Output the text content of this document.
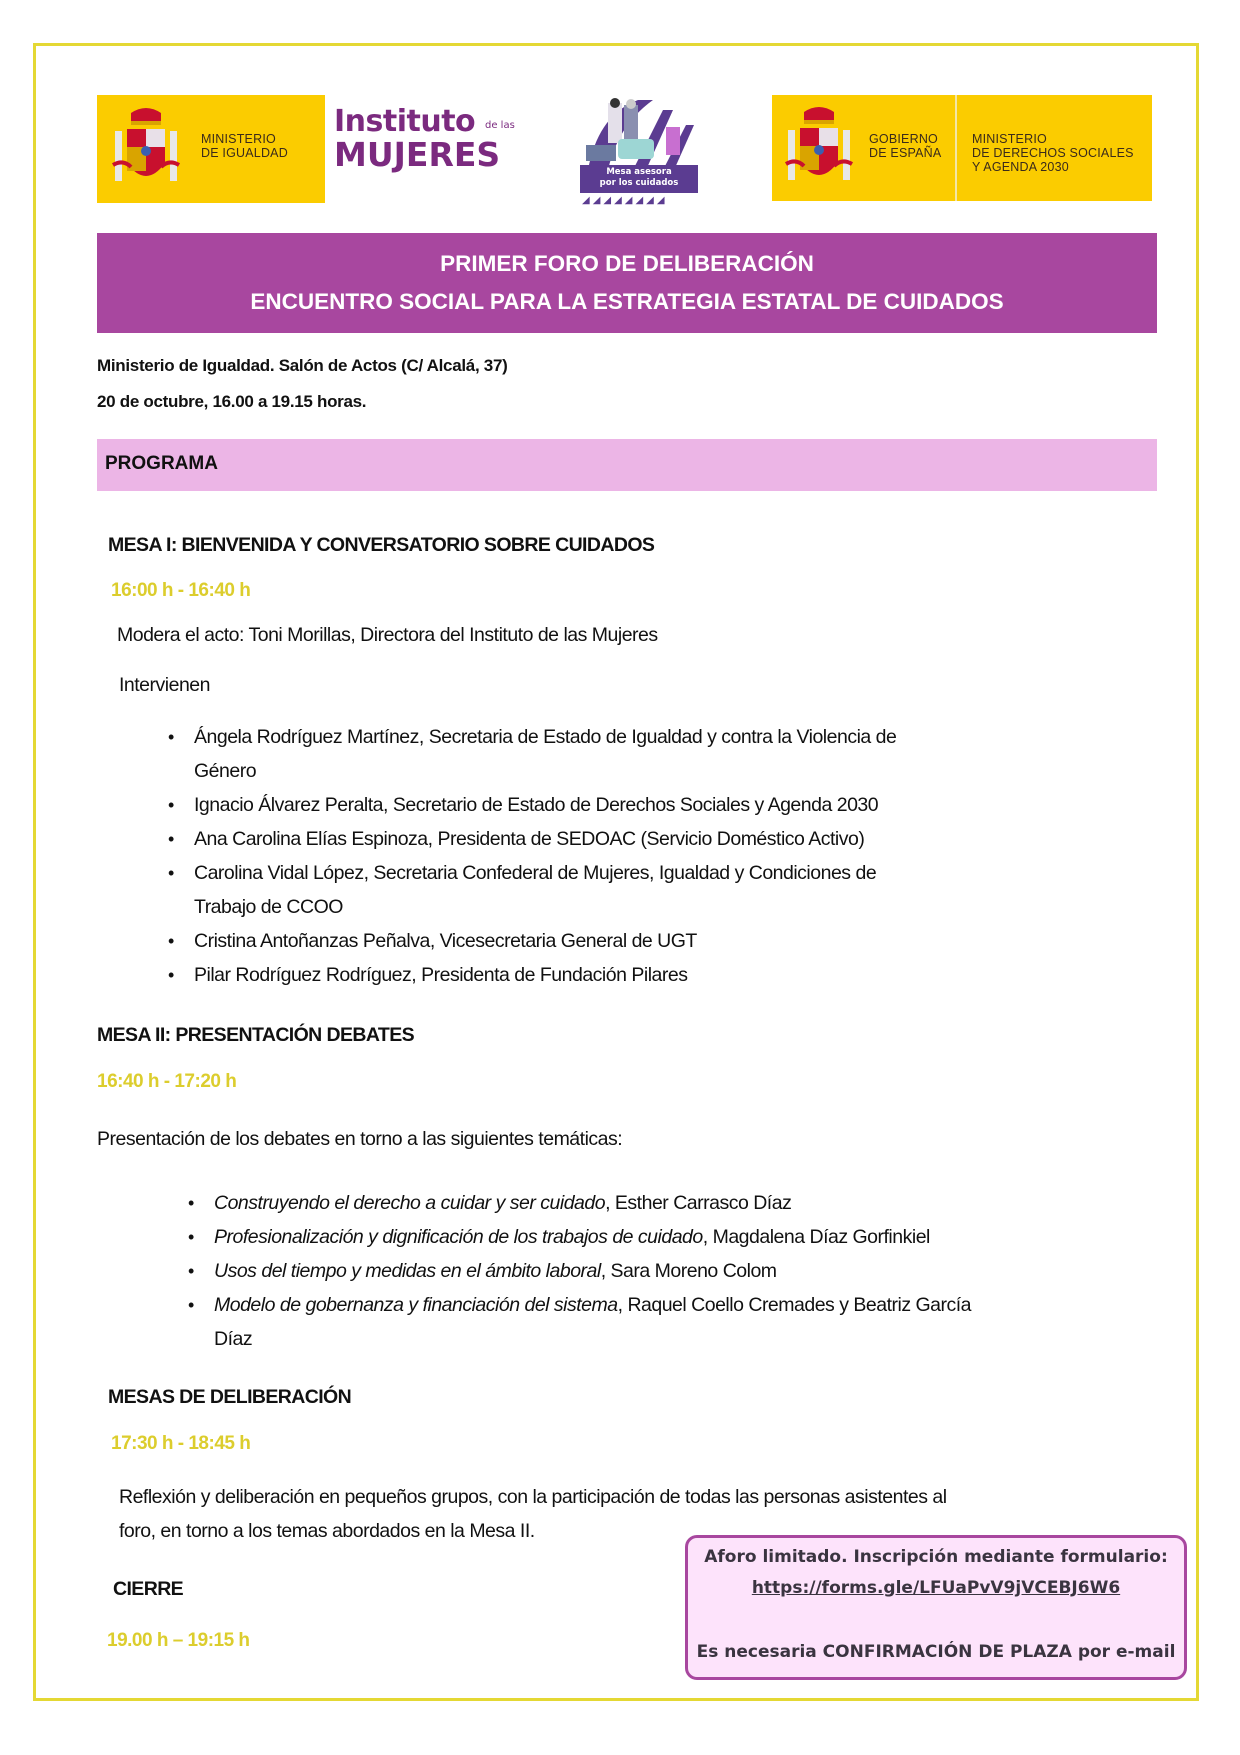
MINISTERIO
DE IGUALDAD
Instituto de las
MUJERES	Mesa asesora
por los cuidados
◢◢◢◢◢◢◢◢
GOBIERNO
DE ESPAÑA
MINISTERIO
DE DERECHOS SOCIALES
Y AGENDA 2030
PRIMER FORO DE DELIBERACIÓN
ENCUENTRO SOCIAL PARA LA ESTRATEGIA ESTATAL DE CUIDADOS
Ministerio de Igualdad. Salón de Actos (C/ Alcalá, 37)
20 de octubre, 16.00 a 19.15 horas.
PROGRAMA
MESA I: BIENVENIDA Y CONVERSATORIO SOBRE CUIDADOS
16:00 h - 16:40 h
Modera el acto: Toni Morillas, Directora del Instituto de las Mujeres
Intervienen
• Ángela Rodríguez Martínez, Secretaria de Estado de Igualdad y contra la Violencia de
Género
• Ignacio Álvarez Peralta, Secretario de Estado de Derechos Sociales y Agenda 2030
• Ana Carolina Elías Espinoza, Presidenta de SEDOAC (Servicio Doméstico Activo)
• Carolina Vidal López, Secretaria Confederal de Mujeres, Igualdad y Condiciones de
Trabajo de CCOO
• Cristina Antoñanzas Peñalva, Vicesecretaria General de UGT
• Pilar Rodríguez Rodríguez, Presidenta de Fundación Pilares
MESA II: PRESENTACIÓN DEBATES
16:40 h - 17:20 h
Presentación de los debates en torno a las siguientes temáticas:
• Construyendo el derecho a cuidar y ser cuidado, Esther Carrasco Díaz
• Profesionalización y dignificación de los trabajos de cuidado, Magdalena Díaz Gorfinkiel
• Usos del tiempo y medidas en el ámbito laboral, Sara Moreno Colom
• Modelo de gobernanza y financiación del sistema, Raquel Coello Cremades y Beatriz García
Díaz
MESAS DE DELIBERACIÓN
17:30 h - 18:45 h
Reflexión y deliberación en pequeños grupos, con la participación de todas las personas asistentes al
foro, en torno a los temas abordados en la Mesa II.
CIERRE
19.00 h – 19:15 h
Aforo limitado. Inscripción mediante formulario:
https://forms.gle/LFUaPvV9jVCEBJ6W6
Es necesaria CONFIRMACIÓN DE PLAZA por e-mail
